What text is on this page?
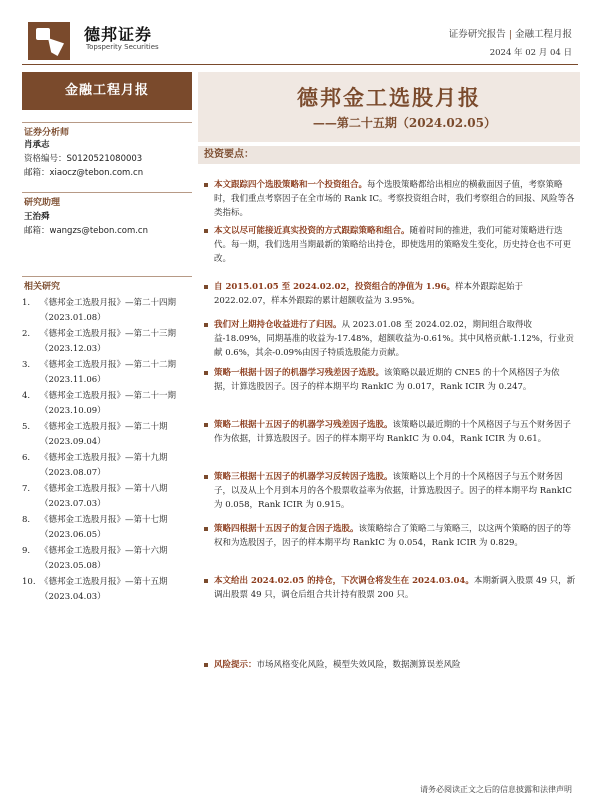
德邦证券
Topsperity Securities
证券研究报告 | 金融工程月报
2024 年 02 月 04 日
金融工程月报
证券分析师
肖承志
资格编号：S0120521080003
邮箱：xiaocz@tebon.com.cn
研究助理
王治舜
邮箱：wangzs@tebon.com.cn
相关研究
1.	《德邦金工选股月报》—第二十四期（2023.01.08）
2.	《德邦金工选股月报》—第二十三期（2023.12.03）
3.	《德邦金工选股月报》—第二十二期（2023.11.06）
4.	《德邦金工选股月报》—第二十一期（2023.10.09）
5.	《德邦金工选股月报》—第二十期（2023.09.04）
6.	《德邦金工选股月报》—第十九期（2023.08.07）
7.	《德邦金工选股月报》—第十八期（2023.07.03）
8.	《德邦金工选股月报》—第十七期（2023.06.05）
9.	《德邦金工选股月报》—第十六期（2023.05.08）
10. 《德邦金工选股月报》—第十五期（2023.04.03）
德邦金工选股月报
——第二十五期（2024.02.05）
投资要点：
本文跟踪四个选股策略和一个投资组合。每个选股策略都给出相应的横截面因子值，考察策略时，我们重点考察因子在全市场的 Rank IC。考察投资组合时，我们考察组合的回报、风险等各类指标。
本文以尽可能接近真实投资的方式跟踪策略和组合。随着时间的推进，我们可能对策略进行迭代。每一期，我们选用当期最新的策略给出持仓，即使选用的策略发生变化，历史持仓也不可更改。
自 2015.01.05 至 2024.02.02，投资组合的净值为 1.96。样本外跟踪起始于 2022.02.07，样本外跟踪的累计超额收益为 3.95%。
我们对上期持仓收益进行了归因。从 2023.01.08 至 2024.02.02，期间组合取得收益-18.09%，同期基准的收益为-17.48%，超额收益为-0.61%。其中风格贡献-1.12%，行业贡献 0.6%，其余-0.09%由因子特质选股能力贡献。
策略一根据十因子的机器学习残差因子选股。该策略以最近期的 CNE5 的十个风格因子为依据，计算选股因子。因子的样本期平均 RankIC 为 0.017，Rank ICIR 为 0.247。
策略二根据十五因子的机器学习残差因子选股。该策略以最近期的十个风格因子与五个财务因子作为依据，计算选股因子。因子的样本期平均 RankIC 为 0.04，Rank ICIR 为 0.61。
策略三根据十五因子的机器学习反转因子选股。该策略以上个月的十个风格因子与五个财务因子，以及从上个月到本月的各个股票收益率为依据，计算选股因子。因子的样本期平均 RankIC 为 0.058，Rank ICIR 为 0.915。
策略四根据十五因子的复合因子选股。该策略综合了策略二与策略三，以这两个策略的因子的等权和为选股因子，因子的样本期平均 RankIC 为 0.054，Rank ICIR 为 0.829。
本文给出 2024.02.05 的持仓，下次调仓将发生在 2024.03.04。本期新调入股票 49 只，新调出股票 49 只，调仓后组合共计持有股票 200 只。
风险提示：市场风格变化风险，模型失效风险，数据测算误差风险
请务必阅读正文之后的信息披露和法律声明
